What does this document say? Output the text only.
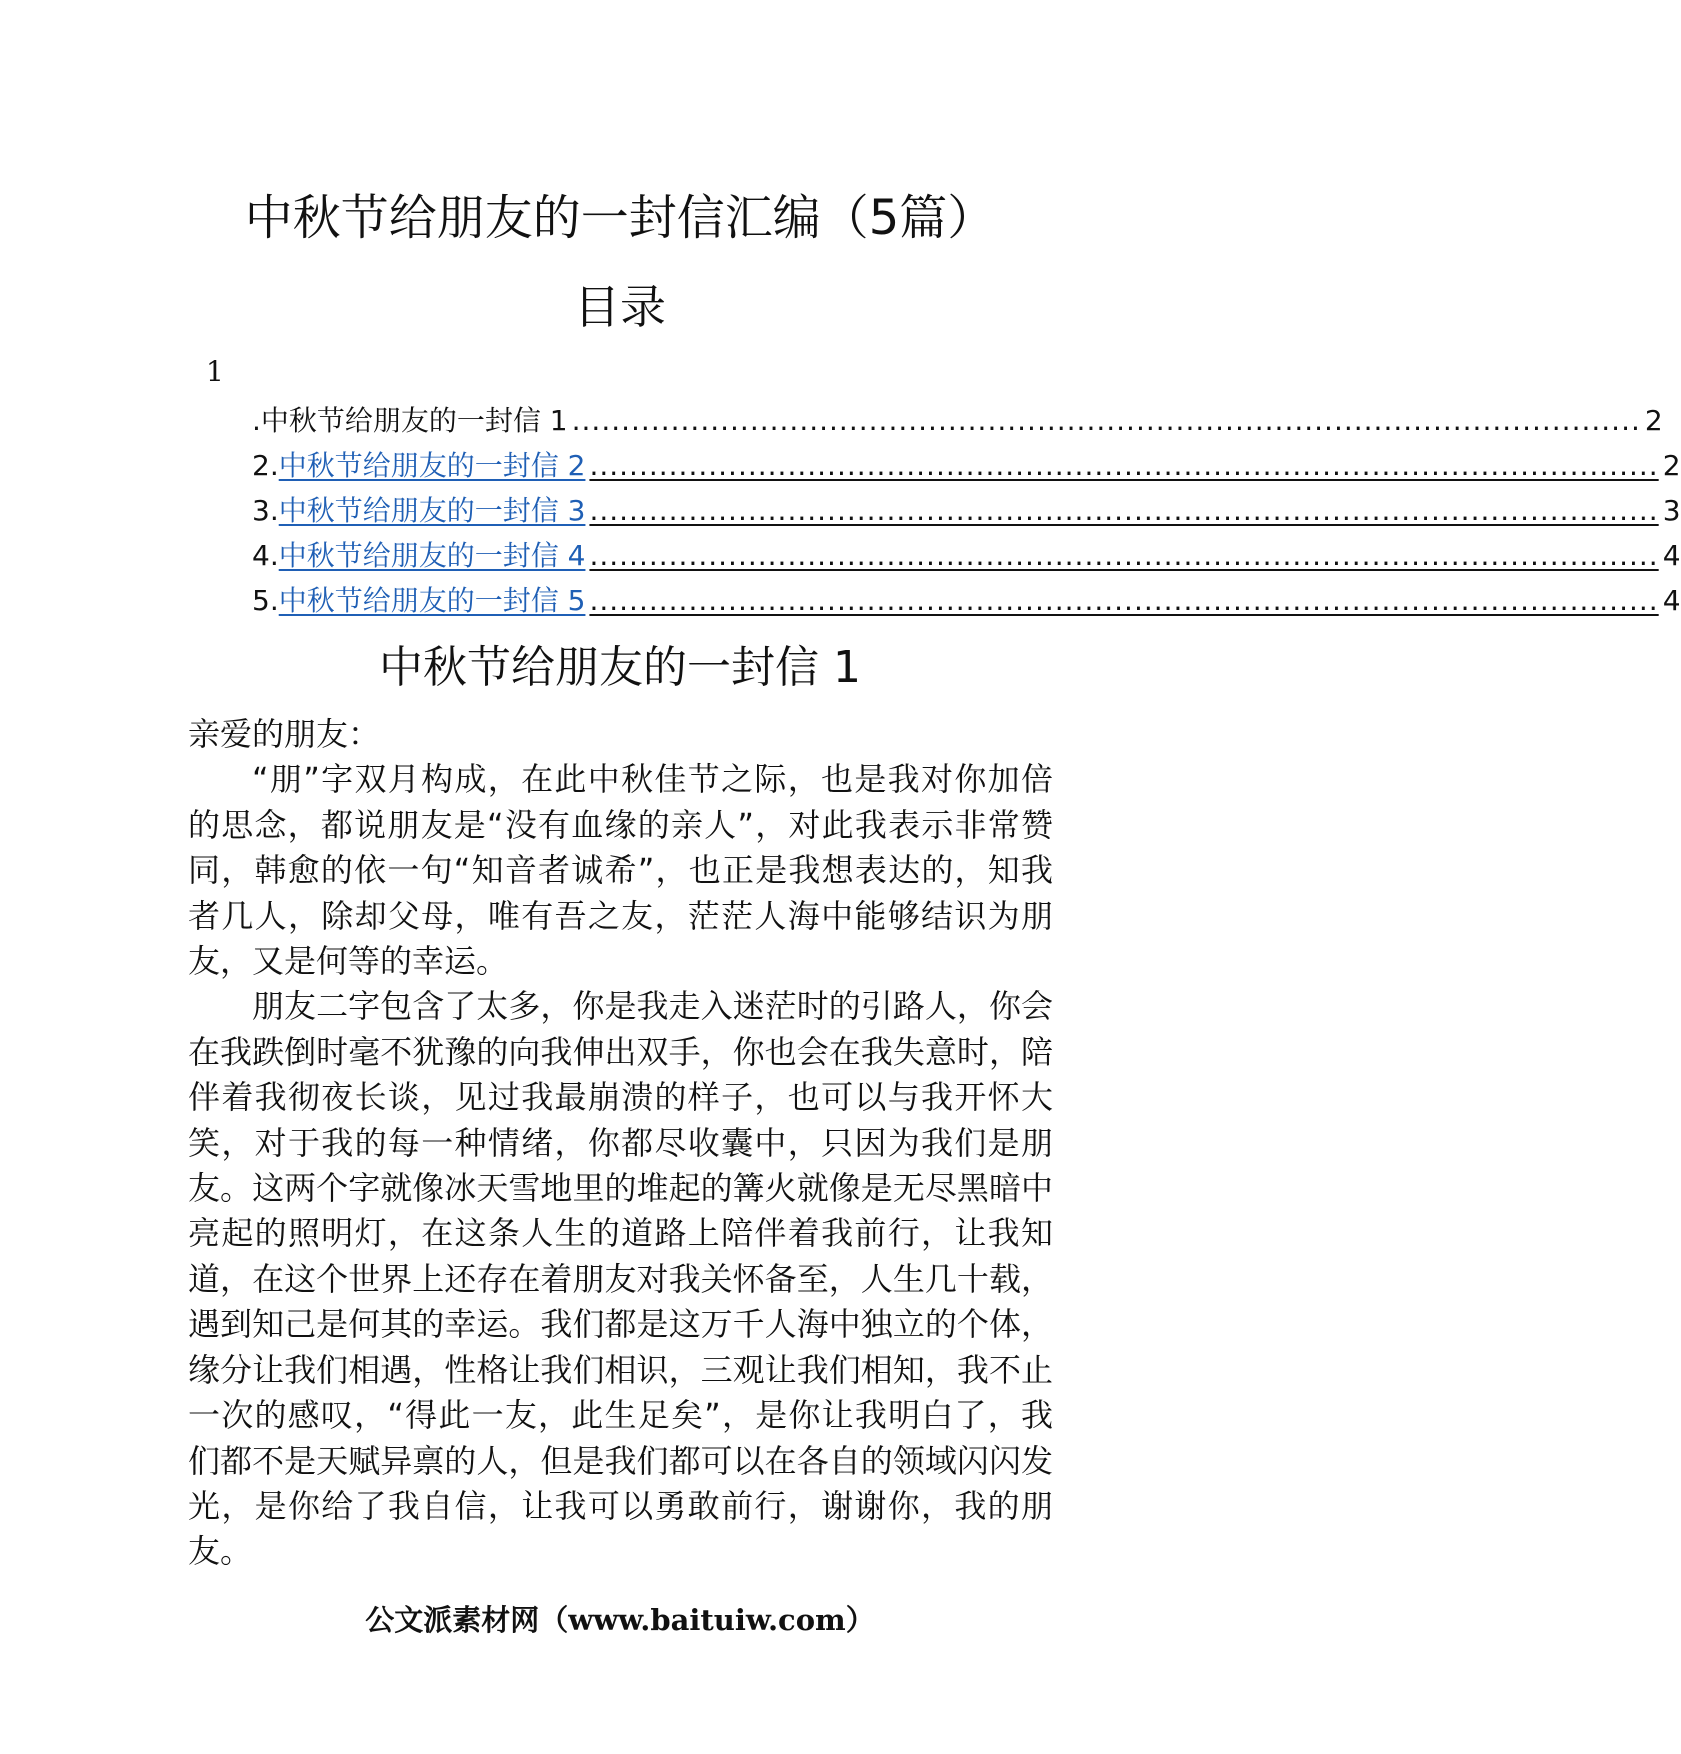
中秋节给朋友的一封信汇编（5篇）
目录
1
. 中秋节给朋友的一封信 1 ............................................................................................................ 2
2. 中秋节给朋友的一封信 2 ............................................................................................................ 2
3. 中秋节给朋友的一封信 3 ............................................................................................................ 3
4. 中秋节给朋友的一封信 4 ............................................................................................................ 4
5. 中秋节给朋友的一封信 5 ............................................................................................................ 4
中秋节给朋友的一封信 1

亲爱的朋友：

“朋”字双月构成，在此中秋佳节之际，也是我对你加倍的思念，都说朋友是“没有血缘的亲人”，对此我表示非常赞同，韩愈的依一句“知音者诚希”，也正是我想表达的，知我者几人，除却父母，唯有吾之友，茫茫人海中能够结识为朋友，又是何等的幸运。

朋友二字包含了太多，你是我走入迷茫时的引路人，你会在我跌倒时毫不犹豫的向我伸出双手，你也会在我失意时，陪伴着我彻夜长谈，见过我最崩溃的样子，也可以与我开怀大笑，对于我的每一种情绪，你都尽收囊中，只因为我们是朋友。这两个字就像冰天雪地里的堆起的篝火就像是无尽黑暗中亮起的照明灯，在这条人生的道路上陪伴着我前行，让我知道，在这个世界上还存在着朋友对我关怀备至，人生几十载，遇到知己是何其的幸运。我们都是这万千人海中独立的个体，缘分让我们相遇，性格让我们相识，三观让我们相知，我不止一次的感叹，“得此一友，此生足矣”，是你让我明白了，我们都不是天赋异禀的人，但是我们都可以在各自的领域闪闪发光，是你给了我自信，让我可以勇敢前行，谢谢你，我的朋友。

公文派素材网（www.baituiw.com）
